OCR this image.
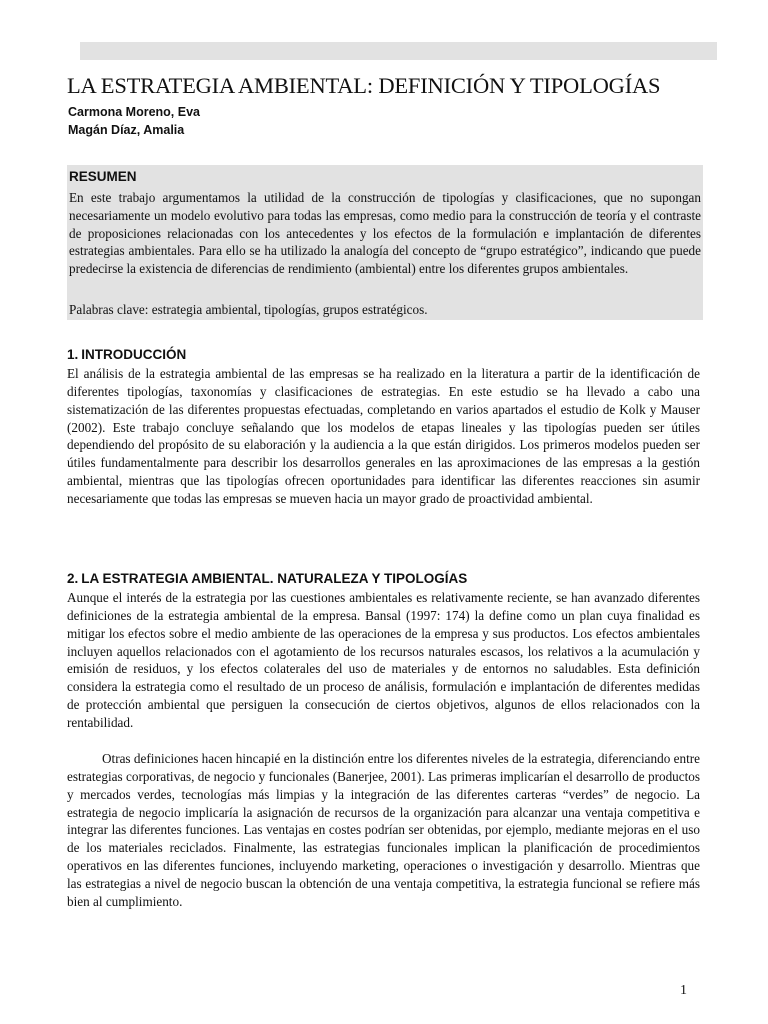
LA ESTRATEGIA AMBIENTAL: DEFINICIÓN Y TIPOLOGÍAS
Carmona Moreno, Eva
Magán Díaz, Amalia
RESUMEN

En este trabajo argumentamos la utilidad de la construcción de tipologías y clasificaciones, que no supongan necesariamente un modelo evolutivo para todas las empresas, como medio para la construcción de teoría y el contraste de proposiciones relacionadas con los antecedentes y los efectos de la formulación e implantación de diferentes estrategias ambientales. Para ello se ha utilizado la analogía del concepto de “grupo estratégico”, indicando que puede predecirse la existencia de diferencias de rendimiento (ambiental) entre los diferentes grupos ambientales.

Palabras clave: estrategia ambiental, tipologías, grupos estratégicos.

1. INTRODUCCIÓN

El análisis de la estrategia ambiental de las empresas se ha realizado en la literatura a partir de la identificación de diferentes tipologías, taxonomías y clasificaciones de estrategias. En este estudio se ha llevado a cabo una sistematización de las diferentes propuestas efectuadas, completando en varios apartados el estudio de Kolk y Mauser (2002). Este trabajo concluye señalando que los modelos de etapas lineales y las tipologías pueden ser útiles dependiendo del propósito de su elaboración y la audiencia a la que están dirigidos. Los primeros modelos pueden ser útiles fundamentalmente para describir los desarrollos generales en las aproximaciones de las empresas a la gestión ambiental, mientras que las tipologías ofrecen oportunidades para identificar las diferentes reacciones sin asumir necesariamente que todas las empresas se mueven hacia un mayor grado de proactividad ambiental.

2. LA ESTRATEGIA AMBIENTAL. NATURALEZA Y TIPOLOGÍAS

Aunque el interés de la estrategia por las cuestiones ambientales es relativamente reciente, se han avanzado diferentes definiciones de la estrategia ambiental de la empresa. Bansal (1997: 174) la define como un plan cuya finalidad es mitigar los efectos sobre el medio ambiente de las operaciones de la empresa y sus productos. Los efectos ambientales incluyen aquellos relacionados con el agotamiento de los recursos naturales escasos, los relativos a la acumulación y emisión de residuos, y los efectos colaterales del uso de materiales y de entornos no saludables. Esta definición considera la estrategia como el resultado de un proceso de análisis, formulación e implantación de diferentes medidas de protección ambiental que persiguen la consecución de ciertos objetivos, algunos de ellos relacionados con la rentabilidad.

Otras definiciones hacen hincapié en la distinción entre los diferentes niveles de la estrategia, diferenciando entre estrategias corporativas, de negocio y funcionales (Banerjee, 2001). Las primeras implicarían el desarrollo de productos y mercados verdes, tecnologías más limpias y la integración de las diferentes carteras “verdes” de negocio. La estrategia de negocio implicaría la asignación de recursos de la organización para alcanzar una ventaja competitiva e integrar las diferentes funciones. Las ventajas en costes podrían ser obtenidas, por ejemplo, mediante mejoras en el uso de los materiales reciclados. Finalmente, las estrategias funcionales implican la planificación de procedimientos operativos en las diferentes funciones, incluyendo marketing, operaciones o investigación y desarrollo. Mientras que las estrategias a nivel de negocio buscan la obtención de una ventaja competitiva, la estrategia funcional se refiere más bien al cumplimiento.

1
